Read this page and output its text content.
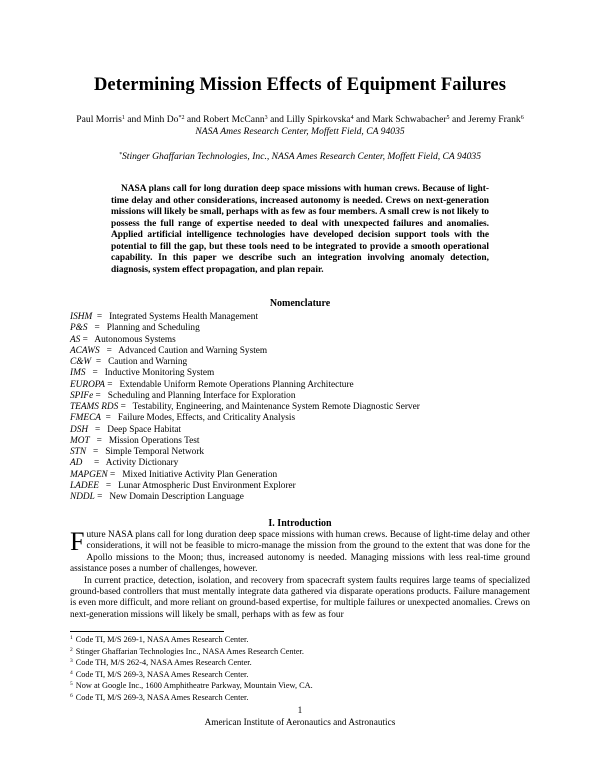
Determining Mission Effects of Equipment Failures
Paul Morris$^1$ and Minh Do$^{*2}$ and Robert McCann$^3$ and Lilly Spirkovska$^4$ and Mark Schwabacher$^5$ and Jeremy Frank$^6$
NASA Ames Research Center, Moffett Field, CA 94035
*Stinger Ghaffarian Technologies, Inc., NASA Ames Research Center, Moffett Field, CA 94035
NASA plans call for long duration deep space missions with human crews. Because of light-time delay and other considerations, increased autonomy is needed. Crews on next-generation missions will likely be small, perhaps with as few as four members. A small crew is not likely to possess the full range of expertise needed to deal with unexpected failures and anomalies. Applied artificial intelligence technologies have developed decision support tools with the potential to fill the gap, but these tools need to be integrated to provide a smooth operational capability. In this paper we describe such an integration involving anomaly detection, diagnosis, system effect propagation, and plan repair.
Nomenclature
ISHM  =   Integrated Systems Health Management
P&S   =   Planning and Scheduling
AS =   Autonomous Systems
ACAWS   =   Advanced Caution and Warning System
C&W  =   Caution and Warning
IMS   =   Inductive Monitoring System
EUROPA =   Extendable Uniform Remote Operations Planning Architecture
SPIFe =   Scheduling and Planning Interface for Exploration
TEAMS RDS =   Testability, Engineering, and Maintenance System Remote Diagnostic Server
FMECA  =   Failure Modes, Effects, and Criticality Analysis
DSH   =   Deep Space Habitat
MOT   =   Mission Operations Test
STN   =   Simple Temporal Network
AD     =   Activity Dictionary
MAPGEN =   Mixed Initiative Activity Plan Generation
LADEE   =   Lunar Atmospheric Dust Environment Explorer
NDDL =   New Domain Description Language
I. Introduction

Future NASA plans call for long duration deep space missions with human crews. Because of light-time delay and other considerations, it will not be feasible to micro-manage the mission from the ground to the extent that was done for the Apollo missions to the Moon; thus, increased autonomy is needed. Managing missions with less real-time ground assistance poses a number of challenges, however.

In current practice, detection, isolation, and recovery from spacecraft system faults requires large teams of specialized ground-based controllers that must mentally integrate data gathered via disparate operations products. Failure management is even more difficult, and more reliant on ground-based expertise, for multiple failures or unexpected anomalies. Crews on next-generation missions will likely be small, perhaps with as few as four

$^1$ Code TI, M/S 269-1, NASA Ames Research Center.
$^2$ Stinger Ghaffarian Technologies Inc., NASA Ames Research Center.
$^3$ Code TH, M/S 262-4, NASA Ames Research Center.
$^4$ Code TI, M/S 269-3, NASA Ames Research Center.
$^5$ Now at Google Inc., 1600 Amphitheatre Parkway, Mountain View, CA.
$^6$ Code TI, M/S 269-3, NASA Ames Research Center.
1
American Institute of Aeronautics and Astronautics
